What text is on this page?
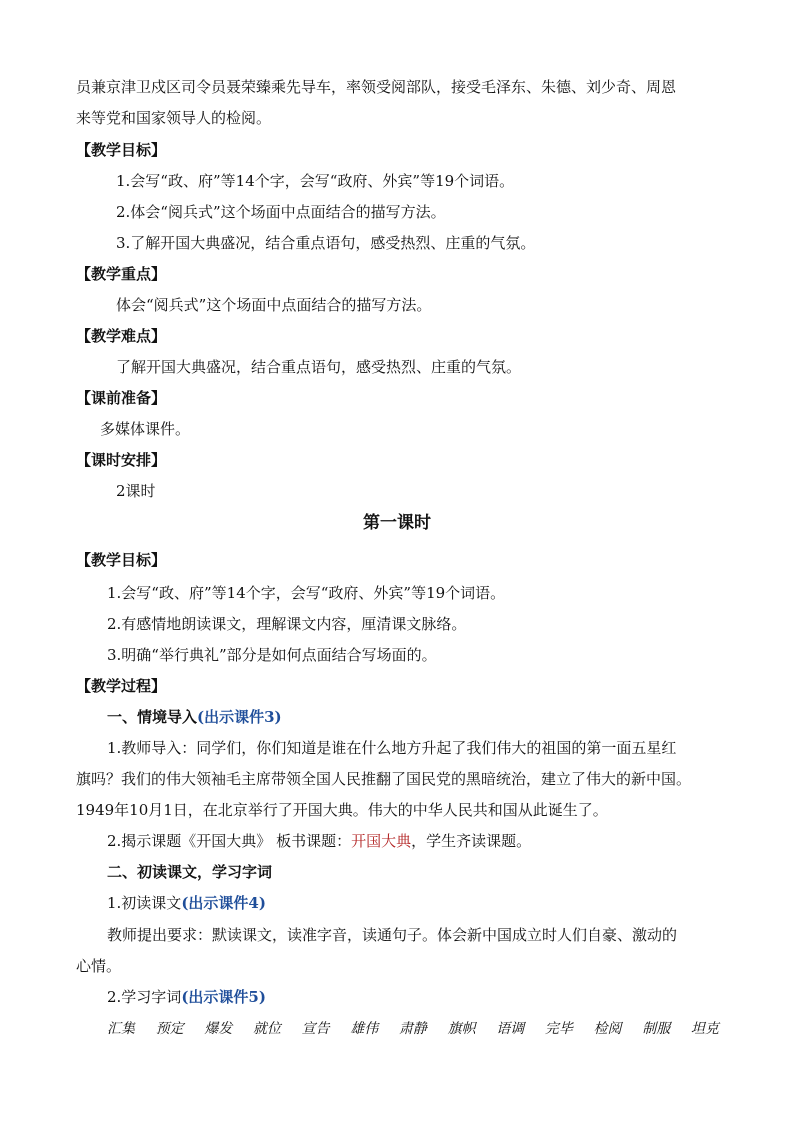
员兼京津卫戍区司令员聂荣臻乘先导车，率领受阅部队，接受毛泽东、朱德、刘少奇、周恩
来等党和国家领导人的检阅。
【教学目标】
1.会写“政、府”等14个字，会写“政府、外宾”等19个词语。
2.体会“阅兵式”这个场面中点面结合的描写方法。
3.了解开国大典盛况，结合重点语句，感受热烈、庄重的气氛。
【教学重点】
体会“阅兵式”这个场面中点面结合的描写方法。
【教学难点】
了解开国大典盛况，结合重点语句，感受热烈、庄重的气氛。
【课前准备】
多媒体课件。
【课时安排】
2课时
第一课时
【教学目标】
1.会写“政、府”等14个字，会写“政府、外宾”等19个词语。
2.有感情地朗读课文，理解课文内容，厘清课文脉络。
3.明确“举行典礼”部分是如何点面结合写场面的。
【教学过程】
一、情境导入(出示课件3)
1.教师导入：同学们，你们知道是谁在什么地方升起了我们伟大的祖国的第一面五星红
旗吗？我们的伟大领袖毛主席带领全国人民推翻了国民党的黑暗统治，建立了伟大的新中国。
1949年10月1日，在北京举行了开国大典。伟大的中华人民共和国从此诞生了。
2.揭示课题《开国大典》 板书课题：开国大典，学生齐读课题。
二、初读课文，学习字词
1.初读课文(出示课件4)
教师提出要求：默读课文，读准字音，读通句子。体会新中国成立时人们自豪、激动的
心情。
2.学习字词(出示课件5)
汇集 预定 爆发 就位 宣告 雄伟 肃静 旗帜 语调 完毕 检阅 制服 坦克
